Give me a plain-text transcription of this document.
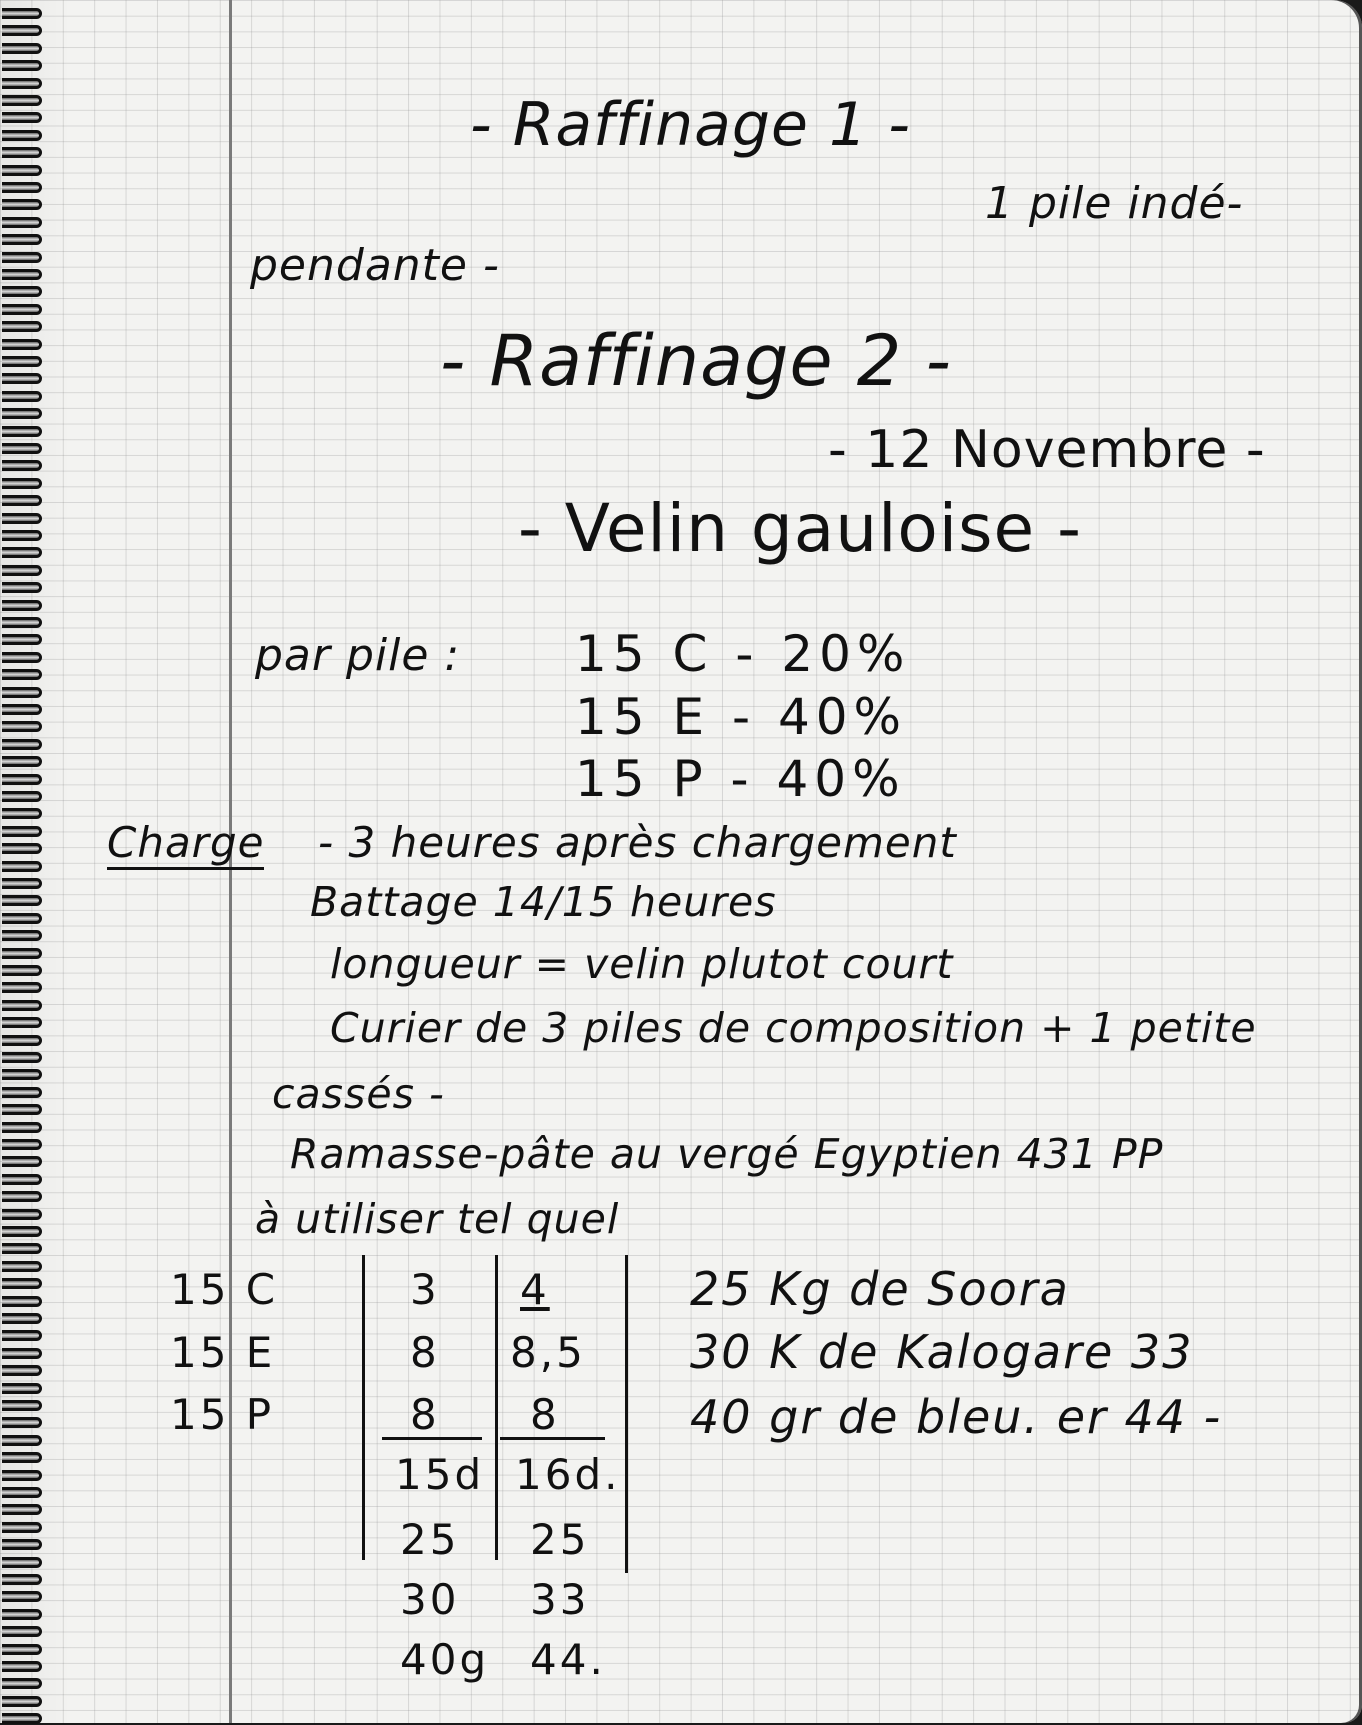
- Raffinage 1 -
1 pile indé-
pendante -
- Raffinage 2 -
- 12 Novembre -
- Velin gauloise -
par pile : 15 C - 20%
15 E - 40%
15 P - 40%
Charge - 3 heures après chargement
Battage 14/15 heures
longueur = velin plutot court
Curier de 3 piles de composition + 1 petite
cassés -
Ramasse-pâte au vergé Egyptien 431 PP
à utiliser tel quel
15 C
15 E
15 P
3
8
8
4
8,5
8
15d 16d.
25
30
40g
25
33
44.
25 Kg de Soora
30 K de Kalogare 33
40 gr de bleu. er 44 -
